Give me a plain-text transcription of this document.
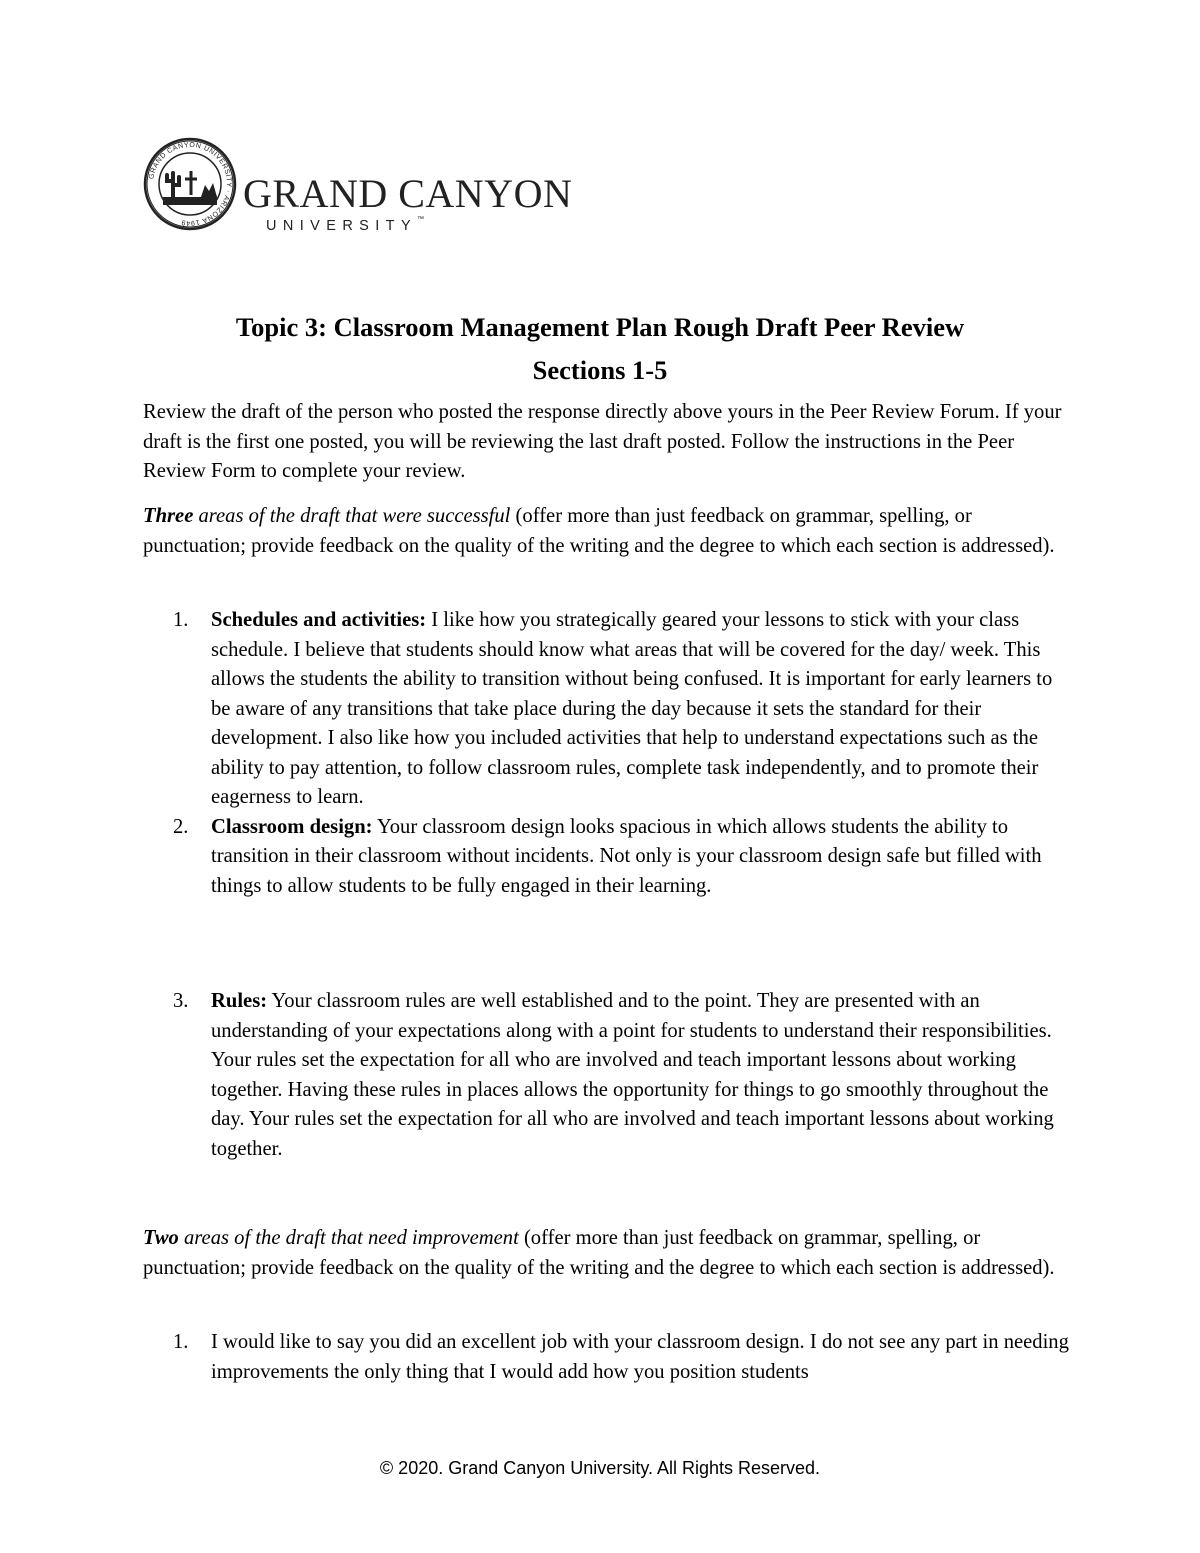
GRAND CANYON UNIVERSITY · ARIZONA 1949
GRAND CANYON
UNIVERSITY™
Topic 3: Classroom Management Plan Rough Draft Peer Review
Sections 1-5

Review the draft of the person who posted the response directly above yours in the Peer Review Forum. If your draft is the first one posted, you will be reviewing the last draft posted. Follow the instructions in the Peer Review Form to complete your review.

Three areas of the draft that were successful (offer more than just feedback on grammar, spelling, or punctuation; provide feedback on the quality of the writing and the degree to which each section is addressed).

1. Schedules and activities: I like how you strategically geared your lessons to stick with your class schedule. I believe that students should know what areas that will be covered for the day/ week. This allows the students the ability to transition without being confused. It is important for early learners to be aware of any transitions that take place during the day because it sets the standard for their development. I also like how you included activities that help to understand expectations such as the ability to pay attention, to follow classroom rules, complete task independently, and to promote their eagerness to learn.
2. Classroom design: Your classroom design looks spacious in which allows students the ability to transition in their classroom without incidents. Not only is your classroom design safe but filled with things to allow students to be fully engaged in their learning.
3. Rules: Your classroom rules are well established and to the point. They are presented with an understanding of your expectations along with a point for students to understand their responsibilities. Your rules set the expectation for all who are involved and teach important lessons about working together. Having these rules in places allows the opportunity for things to go smoothly throughout the day. Your rules set the expectation for all who are involved and teach important lessons about working together.

Two areas of the draft that need improvement (offer more than just feedback on grammar, spelling, or punctuation; provide feedback on the quality of the writing and the degree to which each section is addressed).

1. I would like to say you did an excellent job with your classroom design. I do not see any part in needing improvements the only thing that I would add how you position students
© 2020. Grand Canyon University. All Rights Reserved.
